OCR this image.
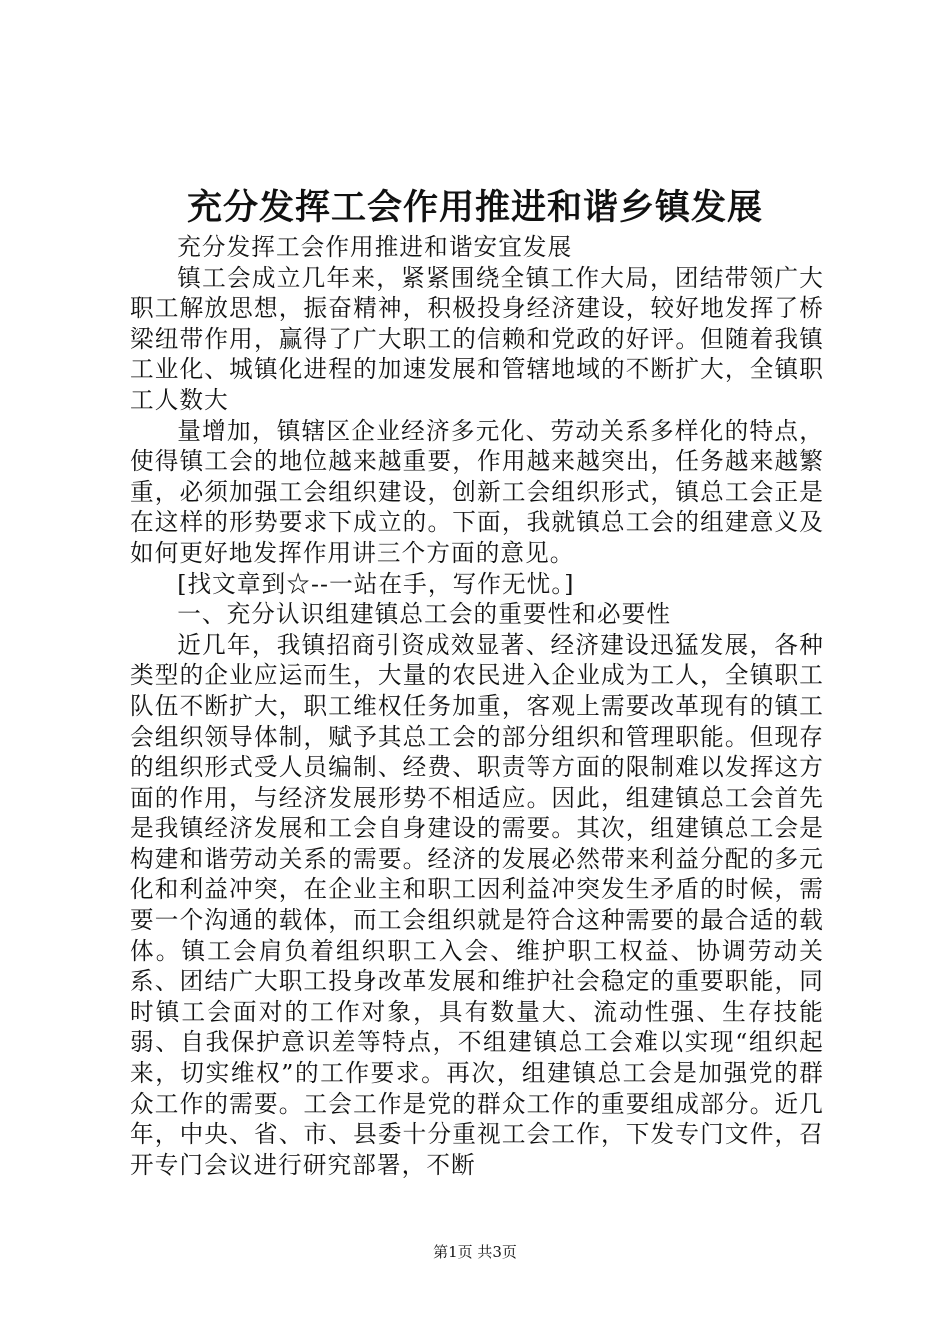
充分发挥工会作用推进和谐乡镇发展

充分发挥工会作用推进和谐安宜发展

镇工会成立几年来，紧紧围绕全镇工作大局，团结带领广大职工解放思想，振奋精神，积极投身经济建设，较好地发挥了桥梁纽带作用，赢得了广大职工的信赖和党政的好评。但随着我镇工业化、城镇化进程的加速发展和管辖地域的不断扩大，全镇职工人数大

量增加，镇辖区企业经济多元化、劳动关系多样化的特点，使得镇工会的地位越来越重要，作用越来越突出，任务越来越繁重，必须加强工会组织建设，创新工会组织形式，镇总工会正是在这样的形势要求下成立的。下面，我就镇总工会的组建意义及如何更好地发挥作用讲三个方面的意见。

[找文章到☆--一站在手，写作无忧。]

一、充分认识组建镇总工会的重要性和必要性

近几年，我镇招商引资成效显著、经济建设迅猛发展，各种类型的企业应运而生，大量的农民进入企业成为工人，全镇职工队伍不断扩大，职工维权任务加重，客观上需要改革现有的镇工会组织领导体制，赋予其总工会的部分组织和管理职能。但现存的组织形式受人员编制、经费、职责等方面的限制难以发挥这方面的作用，与经济发展形势不相适应。因此，组建镇总工会首先是我镇经济发展和工会自身建设的需要。其次，组建镇总工会是构建和谐劳动关系的需要。经济的发展必然带来利益分配的多元化和利益冲突，在企业主和职工因利益冲突发生矛盾的时候，需要一个沟通的载体，而工会组织就是符合这种需要的最合适的载体。镇工会肩负着组织职工入会、维护职工权益、协调劳动关系、团结广大职工投身改革发展和维护社会稳定的重要职能，同时镇工会面对的工作对象，具有数量大、流动性强、生存技能弱、自我保护意识差等特点，不组建镇总工会难以实现“组织起来，切实维权”的工作要求。再次，组建镇总工会是加强党的群众工作的需要。工会工作是党的群众工作的重要组成部分。近几年，中央、省、市、县委十分重视工会工作，下发专门文件，召开专门会议进行研究部署，不断

第1页 共3页
